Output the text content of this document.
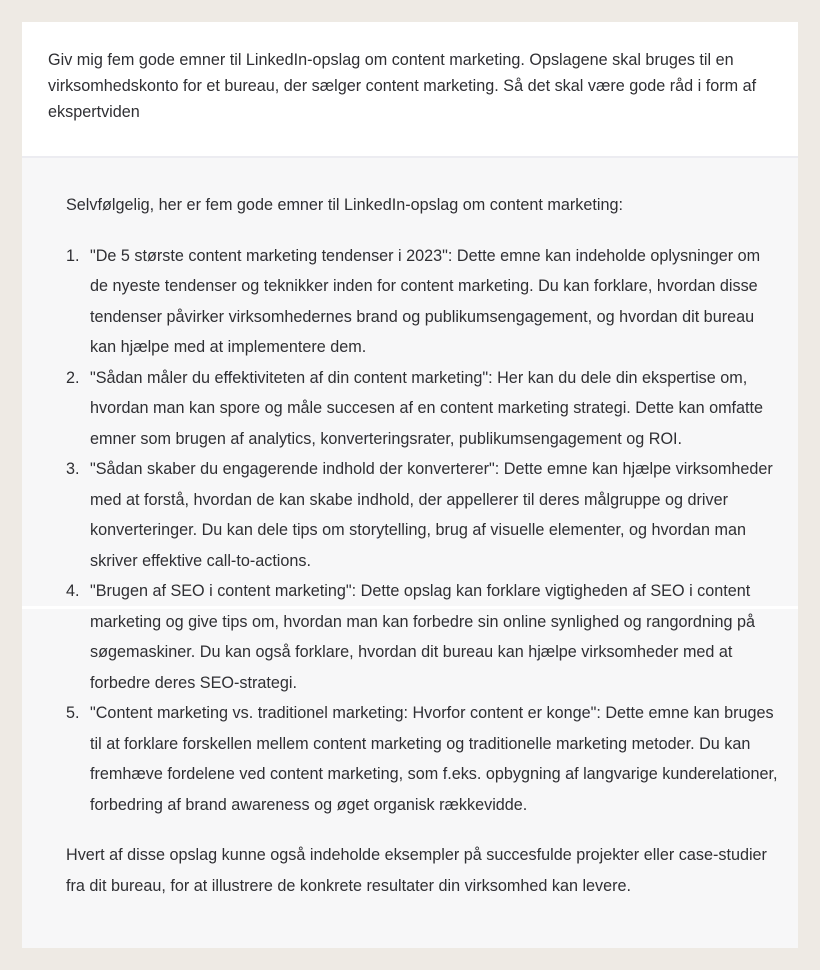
Giv mig fem gode emner til LinkedIn-opslag om content marketing. Opslagene skal bruges til en virksomhedskonto for et bureau, der sælger content marketing. Så det skal være gode råd i form af ekspertviden

Selvfølgelig, her er fem gode emner til LinkedIn-opslag om content marketing:

1. "De 5 største content marketing tendenser i 2023": Dette emne kan indeholde oplysninger om de nyeste tendenser og teknikker inden for content marketing. Du kan forklare, hvordan disse tendenser påvirker virksomhedernes brand og publikumsengagement, og hvordan dit bureau kan hjælpe med at implementere dem.
2. "Sådan måler du effektiviteten af din content marketing": Her kan du dele din ekspertise om, hvordan man kan spore og måle succesen af en content marketing strategi. Dette kan omfatte emner som brugen af analytics, konverteringsrater, publikumsengagement og ROI.
3. "Sådan skaber du engagerende indhold der konverterer": Dette emne kan hjælpe virksomheder med at forstå, hvordan de kan skabe indhold, der appellerer til deres målgruppe og driver konverteringer. Du kan dele tips om storytelling, brug af visuelle elementer, og hvordan man skriver effektive call-to-actions.
4. "Brugen af SEO i content marketing": Dette opslag kan forklare vigtigheden af SEO i content marketing og give tips om, hvordan man kan forbedre sin online synlighed og rangordning på søgemaskiner. Du kan også forklare, hvordan dit bureau kan hjælpe virksomheder med at forbedre deres SEO-strategi.
5. "Content marketing vs. traditionel marketing: Hvorfor content er konge": Dette emne kan bruges til at forklare forskellen mellem content marketing og traditionelle marketing metoder. Du kan fremhæve fordelene ved content marketing, som f.eks. opbygning af langvarige kunderelationer, forbedring af brand awareness og øget organisk rækkevidde.

Hvert af disse opslag kunne også indeholde eksempler på succesfulde projekter eller case-studier fra dit bureau, for at illustrere de konkrete resultater din virksomhed kan levere.
